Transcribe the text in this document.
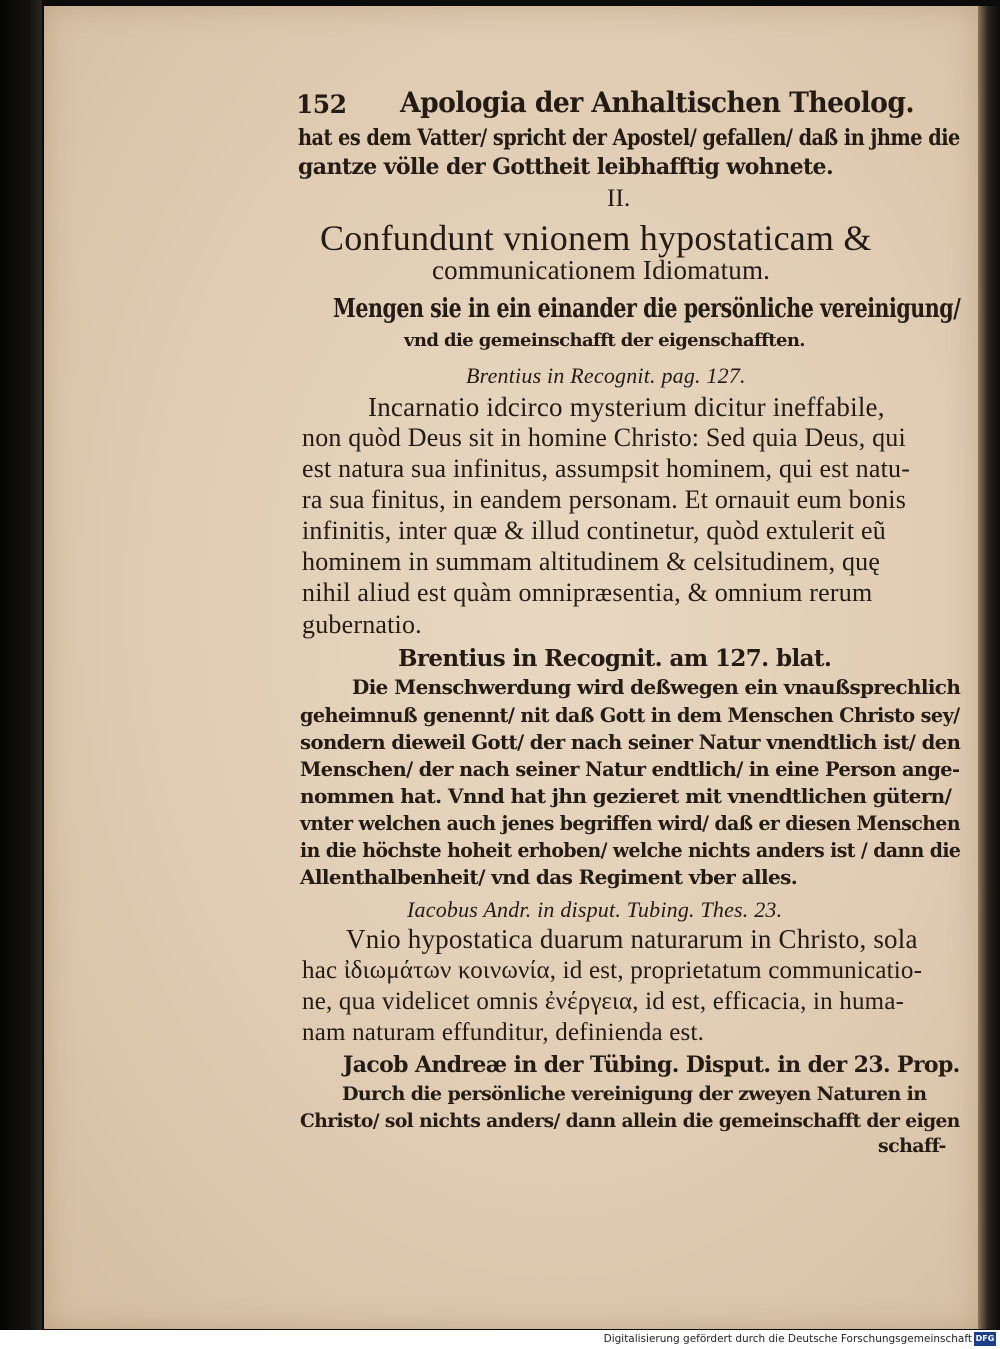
152 Apologia der Anhaltischen Theolog.
hat es dem Vatter/ spricht der Apostel/ gefallen/ daß in jhme die
gantze völle der Gottheit leibhafftig wohnete.
II.
Confundunt vnionem hypostaticam &
communicationem Idiomatum.
Mengen sie in ein einander die persönliche vereinigung/
vnd die gemeinschafft der eigenschafften.
Brentius in Recognit. pag. 127.
Incarnatio idcirco mysterium dicitur ineffabile,
non quòd Deus sit in homine Christo: Sed quia Deus, qui
est natura sua infinitus, assumpsit hominem, qui est natu-
ra sua finitus, in eandem personam. Et ornauit eum bonis
infinitis, inter quæ & illud continetur, quòd extulerit eũ
hominem in summam altitudinem & celsitudinem, quę
nihil aliud est quàm omnipræsentia, & omnium rerum
gubernatio.
Brentius in Recognit. am 127. blat.
Die Menschwerdung wird deßwegen ein vnaußsprechlich
geheimnuß genennt/ nit daß Gott in dem Menschen Christo sey/
sondern dieweil Gott/ der nach seiner Natur vnendtlich ist/ den
Menschen/ der nach seiner Natur endtlich/ in eine Person ange-
nommen hat. Vnnd hat jhn gezieret mit vnendtlichen gütern/
vnter welchen auch jenes begriffen wird/ daß er diesen Menschen
in die höchste hoheit erhoben/ welche nichts anders ist / dann die
Allenthalbenheit/ vnd das Regiment vber alles.
Iacobus Andr. in disput. Tubing. Thes. 23.
Vnio hypostatica duarum naturarum in Christo, sola
hac ἰδιωμάτων κοινωνία, id est, proprietatum communicatio-
ne, qua videlicet omnis ἐνέργεια, id est, efficacia, in huma-
nam naturam effunditur, definienda est.
Jacob Andreæ in der Tübing. Disput. in der 23. Prop.
Durch die persönliche vereinigung der zweyen Naturen in
Christo/ sol nichts anders/ dann allein die gemeinschafft der eigen
schaff-
Digitalisierung gefördert durch die Deutsche Forschungsgemeinschaft DFG
